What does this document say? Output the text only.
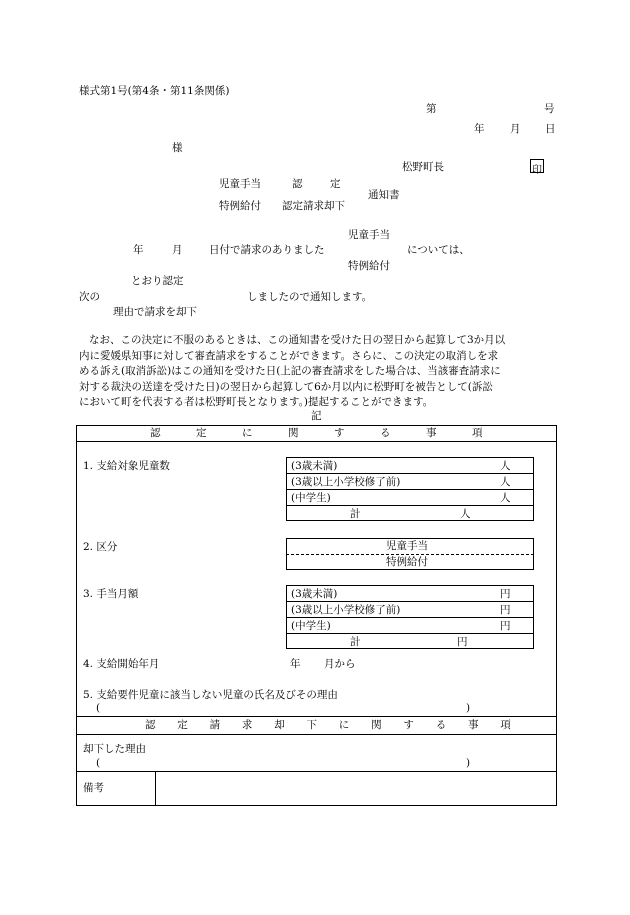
様式第1号(第4条・第11条関係)
第	号
年 月 日
様
松野町長	印
児童手当	認	定
通知書
特例給付 認定請求却下
児童手当
年	月	日付で請求のありました	については、
特例給付
とおり認定
次の	しましたので通知します。
理由で請求を却下
なお、この決定に不服のあるときは、この通知書を受けた日の翌日から起算して3か月以
内に愛媛県知事に対して審査請求をすることができます。さらに、この決定の取消しを求
める訴え(取消訴訟)はこの通知を受けた日(上記の審査請求をした場合は、当該審査請求に
対する裁決の送達を受けた日)の翌日から起算して6か月以内に松野町を被告として(訴訟
において町を代表する者は松野町長となります。)提起することができます。
記
認定に関する事項
1. 支給対象児童数	(3歳未満)	人
(3歳以上小学校修了前)	人
(中学生)	人
計	人
2. 区分	児童手当
特例給付
3. 手当月額	(3歳未満)	円
(3歳以上小学校修了前)	円
(中学生)	円
計	円
4. 支給開始年月	年 月から
5. 支給要件児童に該当しない児童の氏名及びその理由
(	)
認定請求却下に関する事項
却下した理由
(	)
備考
